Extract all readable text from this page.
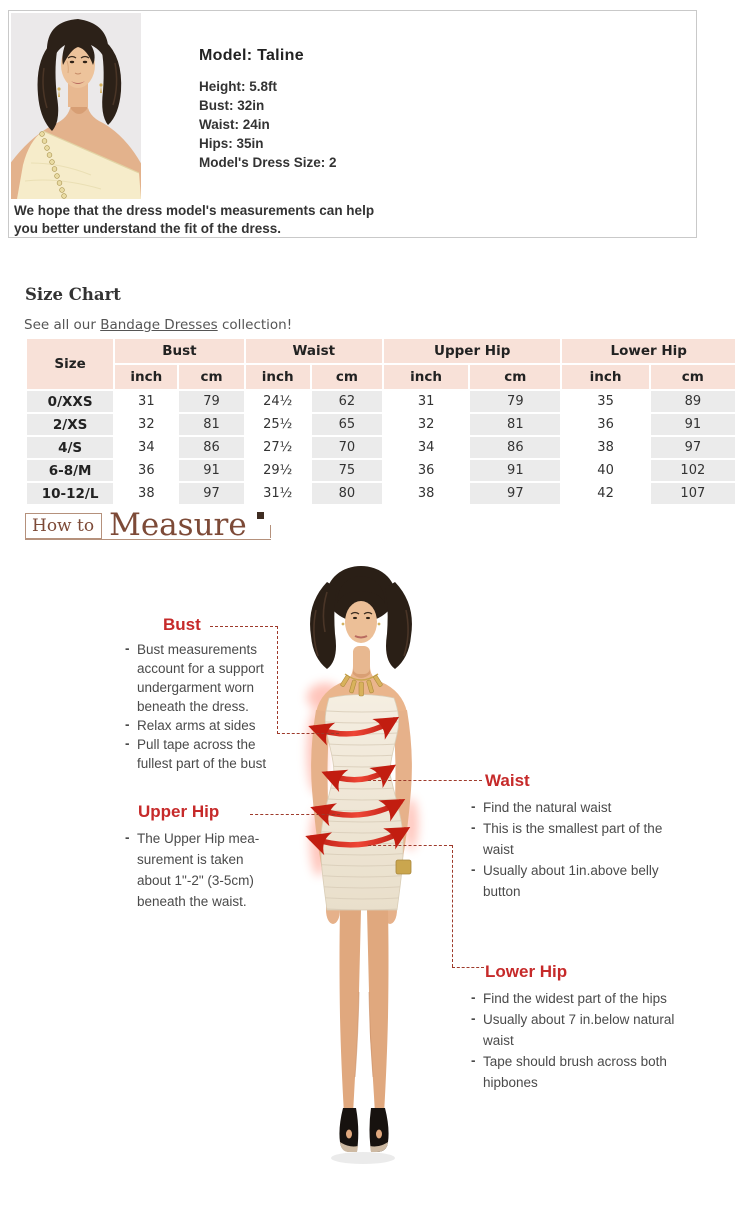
Model: Taline
Height: 5.8ft
Bust: 32in
Waist: 24in
Hips: 35in
Model's Dress Size: 2
We hope that the dress model's measurements can help
you better understand the fit of the dress.
Size Chart
See all our Bandage Dresses collection!
Size	Bust		Waist		Upper Hip		Lower Hip	
	inch	cm	inch	cm	inch	cm	inch	cm
0/XXS	31	79	24½	62	31	79	35	89
2/XS	32	81	25½	65	32	81	36	91
4/S	34	86	27½	70	34	86	38	97
6-8/M	36	91	29½	75	36	91	40	102
10-12/L	38	97	31½	80	38	97	42	107
How to Measure
Bust
- Bust measurements account for a support undergarment worn beneath the dress.
- Relax arms at sides
- Pull tape across the fullest part of the bust
Upper Hip
- The Upper Hip mea-surement is taken about 1"-2" (3-5cm) beneath the waist.
Waist
- Find the natural waist
- This is the smallest part of the waist
- Usually about 1in.above belly button
Lower Hip
- Find the widest part of the hips
- Usually about 7 in.below natural waist
- Tape should brush across both hipbones
